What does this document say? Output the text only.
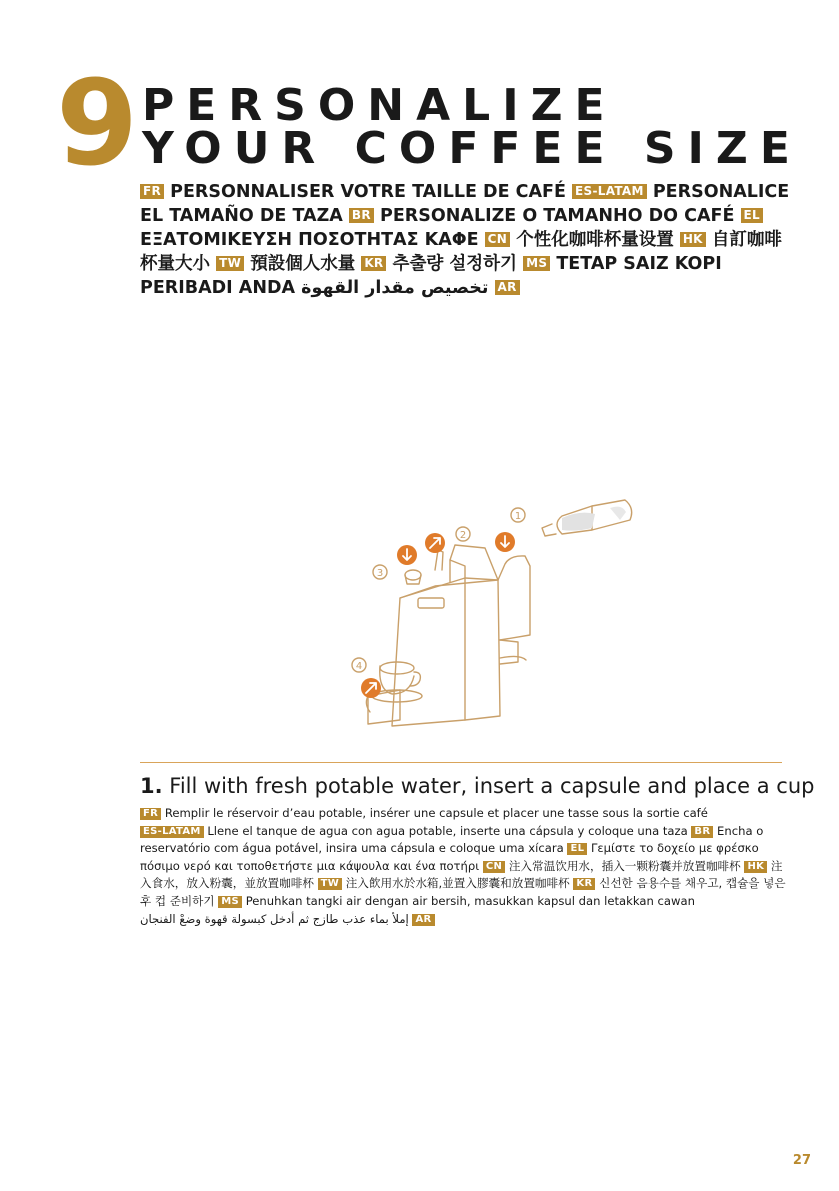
9 PERSONALIZE
YOUR COFFEE SIZE
FR PERSONNALISER VOTRE TAILLE DE CAFÉ ES-LATAM PERSONALICE EL TAMAÑO DE TAZA BR PERSONALIZE O TAMANHO DO CAFÉ EL ΕΞΑΤΟΜΙΚΕΥΣΗ ΠΟΣΟΤΗΤΑΣ ΚΑΦΕ CN 个性化咖啡杯量设置 HK 自訂咖啡杯量大小 TW 預設個人水量 KR 추출량 설정하기 MS TETAP SAIZ KOPI PERIBADI ANDA تخصيص مقدار القهوة AR
1
2
3
4
1. Fill with fresh potable water, insert a capsule and place a cup
FR Remplir le réservoir d’eau potable, insérer une capsule et placer une tasse sous la sortie café
ES-LATAM Llene el tanque de agua con agua potable, inserte una cápsula y coloque una taza BR Encha o reservatório com água potável, insira uma cápsula e coloque uma xícara EL Γεμίστε το δοχείο με φρέσκο πόσιμο νερό και τοποθετήστε μια κάψουλα και ένα ποτήρι CN 注入常温饮用水，插入一颗粉囊并放置咖啡杯 HK 注入食水，放入粉囊，並放置咖啡杯 TW 注入飲用水於水箱,並置入膠囊和放置咖啡杯 KR 신선한 음용수를 채우고, 캡슐을 넣은 후 컵 준비하기 MS Penuhkan tangki air dengan air bersih, masukkan kapsul dan letakkan cawan
إملأ بماء عذب طازج ثم أدخل كبسولة قهوة وضعْ الفنجان AR
27
